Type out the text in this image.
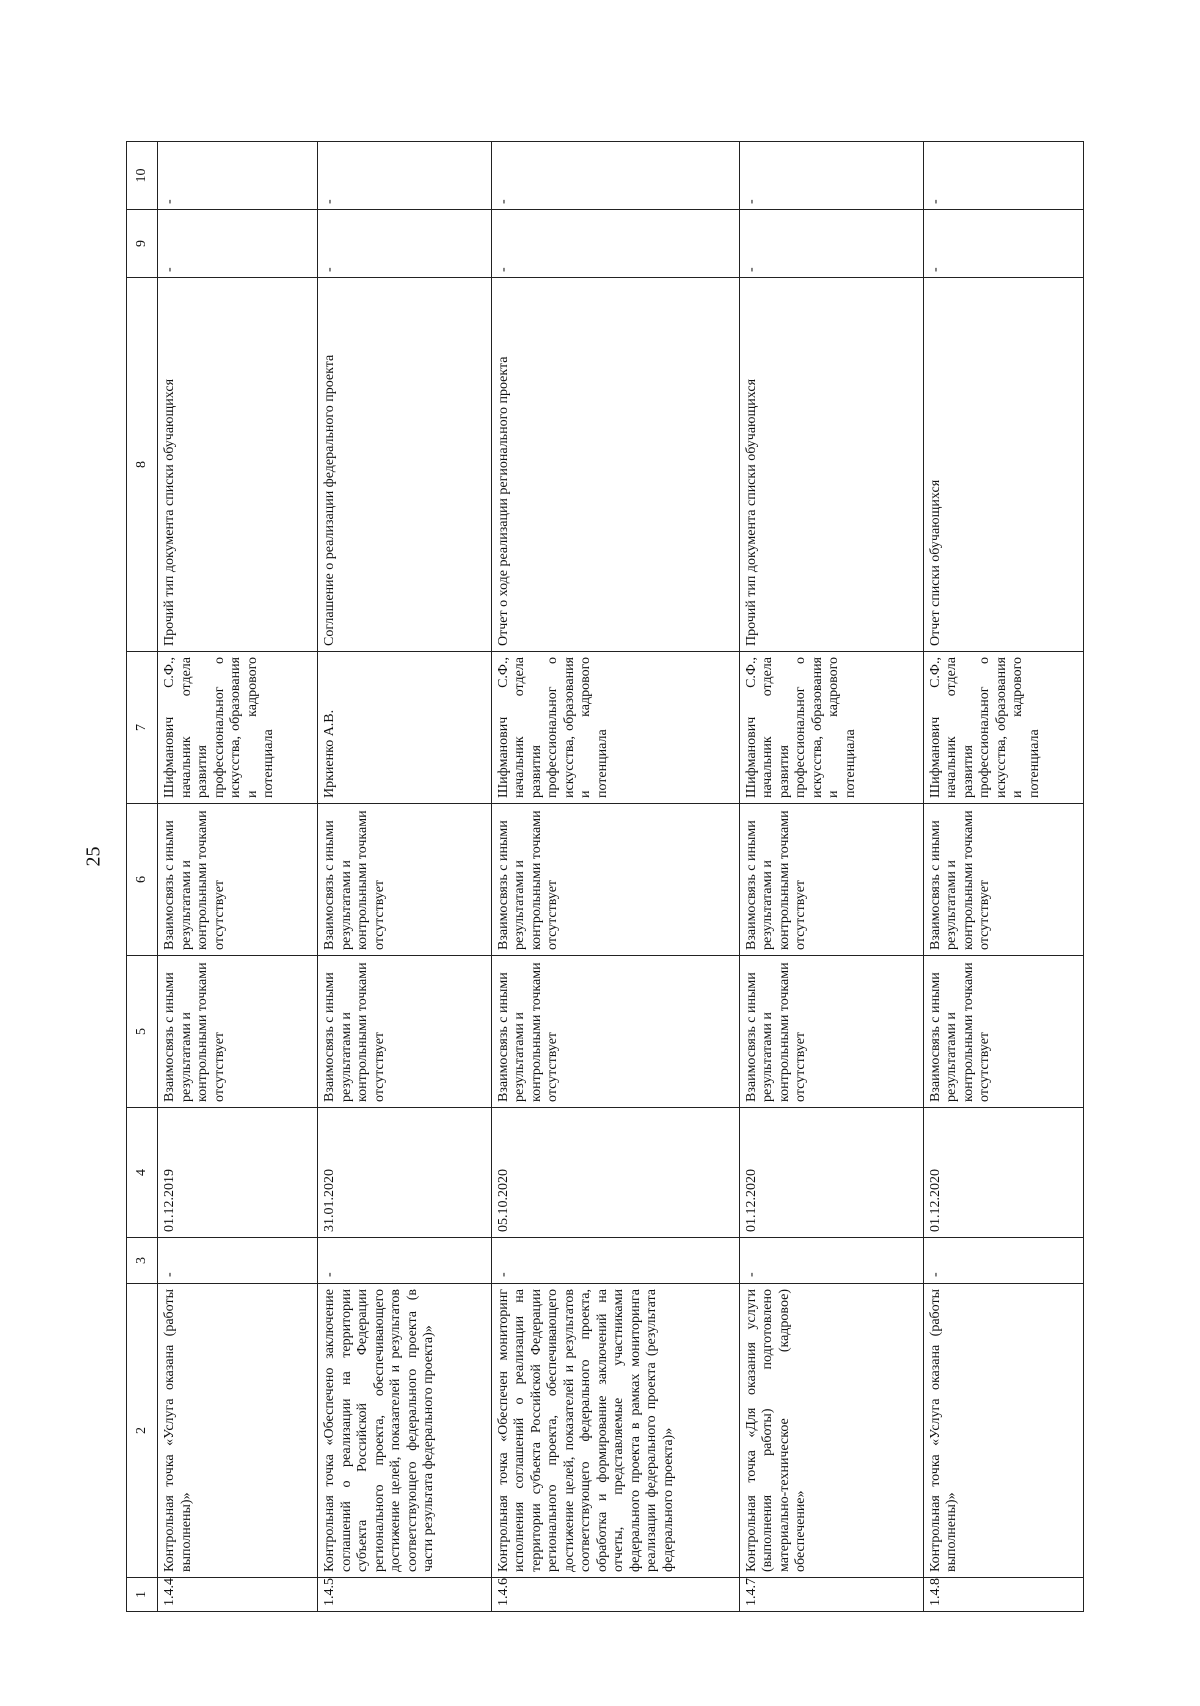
25
1	2	3	4	5	6	7	8	9	10
1.4.4	Контрольная точка «Услуга оказана (работы выполнены)»	-	01.12.2019	Взаимосвязь с иными результатами и контрольными точками отсутствует	Взаимосвязь с иными результатами и контрольными точками отсутствует	Шифманович С.Ф., начальник отдела развития профессиональног о искусства, образования и кадрового потенциала	Прочий тип документа списки обучающихся	-	-
1.4.5	Контрольная точка «Обеспечено заключение соглашений о реализации на территории субъекта Российской Федерации регионального проекта, обеспечивающего достижение целей, показателей и результатов соответствующего федерального проекта (в части результата федерального проекта)»	-	31.01.2020	Взаимосвязь с иными результатами и контрольными точками отсутствует	Взаимосвязь с иными результатами и контрольными точками отсутствует	Иркиенко А.В.	Соглашение о реализации федерального проекта	-	-
1.4.6	Контрольная точка «Обеспечен мониторинг исполнения соглашений о реализации на территории субъекта Российской Федерации регионального проекта, обеспечивающего достижение целей, показателей и результатов соответствующего федерального проекта, обработка и формирование заключений на отчеты, представляемые участниками федерального проекта в рамках мониторинга реализации федерального проекта (результата федерального проекта)»	-	05.10.2020	Взаимосвязь с иными результатами и контрольными точками отсутствует	Взаимосвязь с иными результатами и контрольными точками отсутствует	Шифманович С.Ф., начальник отдела развития профессиональног о искусства, образования и кадрового потенциала	Отчет о ходе реализации регионального проекта	-	-
1.4.7	Контрольная точка «Для оказания услуги (выполнения работы) подготовлено материально-техническое (кадровое) обеспечение»	-	01.12.2020	Взаимосвязь с иными результатами и контрольными точками отсутствует	Взаимосвязь с иными результатами и контрольными точками отсутствует	Шифманович С.Ф., начальник отдела развития профессиональног о искусства, образования и кадрового потенциала	Прочий тип документа списки обучающихся	-	-
1.4.8	Контрольная точка «Услуга оказана (работы выполнены)»	-	01.12.2020	Взаимосвязь с иными результатами и контрольными точками отсутствует	Взаимосвязь с иными результатами и контрольными точками отсутствует	Шифманович С.Ф., начальник отдела развития профессиональног о искусства, образования и кадрового потенциала	Отчет списки обучающихся	-	-
